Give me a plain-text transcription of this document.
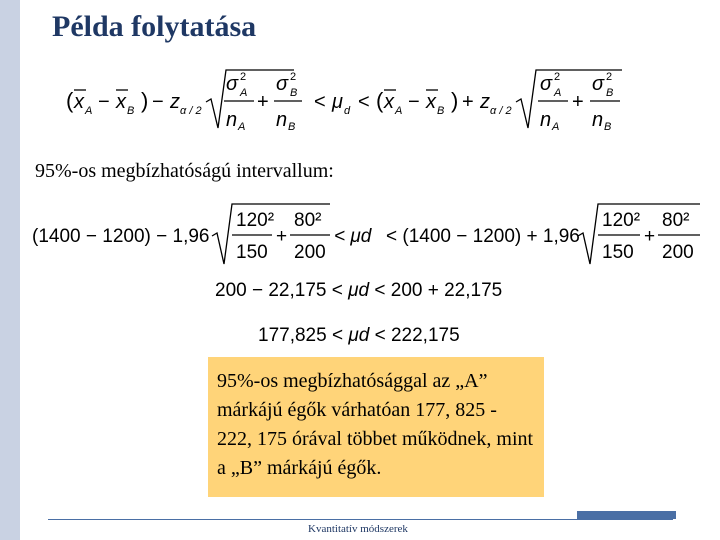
Példa folytatása
( x A − x B ) − z α / 2
σ 2
A
n A
+
σ 2
B
n B
< μ d < ( x A − x B ) + z α / 2
σ 2
A
n A
+
σ 2
B
n B
95%-os megbízhatóságú intervallum:
(1400 − 1200) − 1,96
120²
150
+
80²
200
< μd < (1400 − 1200) + 1,96
120²
150
+
80²
200
200 − 22,175 < μd < 200 + 22,175
177,825 < μd < 222,175
95%-os megbízhatósággal az „A” márkájú égők várhatóan 177, 825 - 222, 175 órával többet működnek, mint a „B” márkájú égők.
Kvantitatív módszerek
